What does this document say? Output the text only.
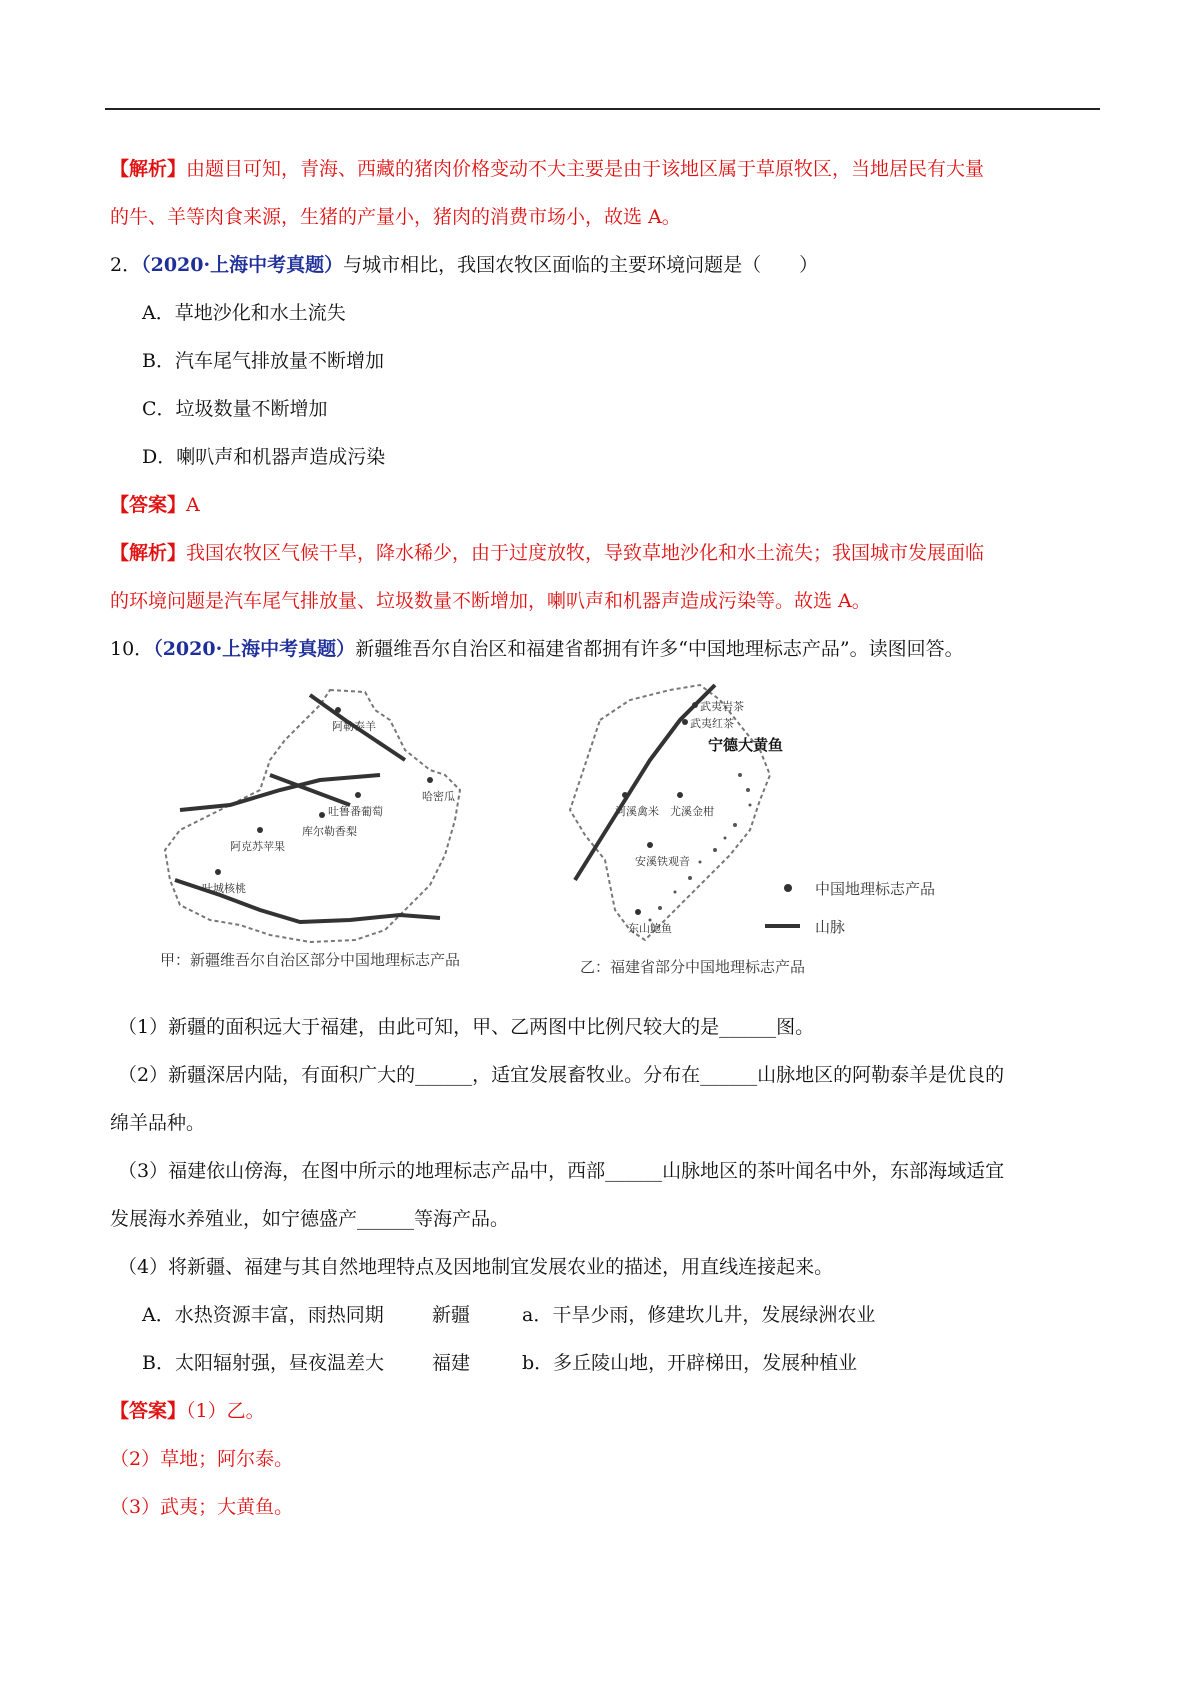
【解析】由题目可知，青海、西藏的猪肉价格变动不大主要是由于该地区属于草原牧区，当地居民有大量
的牛、羊等肉食来源，生猪的产量小，猪肉的消费市场小，故选 A。
2．（2020·上海中考真题）与城市相比，我国农牧区面临的主要环境问题是（　　）
A．草地沙化和水土流失
B．汽车尾气排放量不断增加
C．垃圾数量不断增加
D．喇叭声和机器声造成污染
【答案】A
【解析】我国农牧区气候干旱，降水稀少，由于过度放牧，导致草地沙化和水土流失；我国城市发展面临
的环境问题是汽车尾气排放量、垃圾数量不断增加，喇叭声和机器声造成污染等。故选 A。
10．（2020·上海中考真题）新疆维吾尔自治区和福建省都拥有许多“中国地理标志产品”。读图回答。
阿勒泰羊
吐鲁番葡萄
哈密瓜
阿克苏苹果
库尔勒香梨
叶城核桃
武夷岩茶
武夷红茶
宁德大黄鱼
河溪禽米 尤溪金柑
安溪铁观音
东山鲍鱼
中国地理标志产品
山脉
甲：新疆维吾尔自治区部分中国地理标志产品	乙：福建省部分中国地理标志产品
（1）新疆的面积远大于福建，由此可知，甲、乙两图中比例尺较大的是______图。
（2）新疆深居内陆，有面积广大的______，适宜发展畜牧业。分布在______山脉地区的阿勒泰羊是优良的
绵羊品种。
（3）福建依山傍海，在图中所示的地理标志产品中，西部______山脉地区的茶叶闻名中外，东部海域适宜
发展海水养殖业，如宁德盛产______等海产品。
（4）将新疆、福建与其自然地理特点及因地制宜发展农业的描述，用直线连接起来。
A．水热资源丰富，雨热同期	新疆	a．干旱少雨，修建坎儿井，发展绿洲农业
B．太阳辐射强，昼夜温差大	福建	b．多丘陵山地，开辟梯田，发展种植业
【答案】（1）乙。
（2）草地；阿尔泰。
（3）武夷；大黄鱼。
